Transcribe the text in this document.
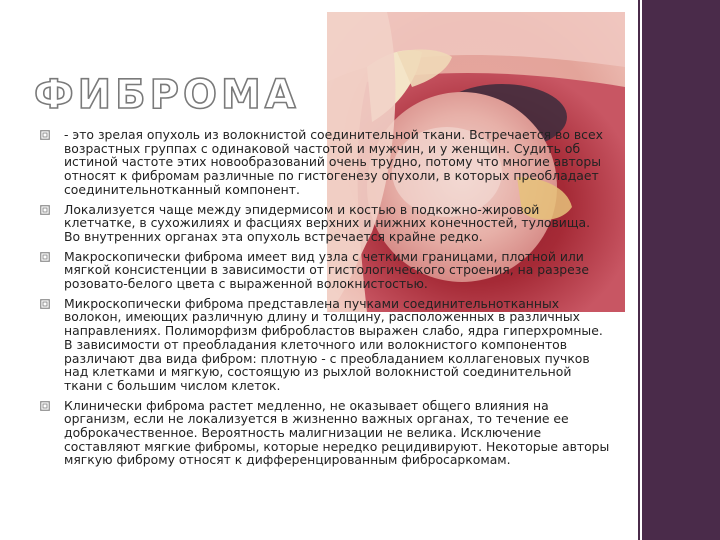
ФИБРОМА
- это зрелая опухоль из волокнистой соединительной ткани. Встречается во всех возрастных группах с одинаковой частотой и мужчин, и у женщин. Судить об истиной частоте этих новообразований очень трудно, потому что многие авторы относят к фибромам различные по гистогенезу опухоли, в которых преобладает соединительнотканный компонент.
Локализуется чаще между эпидермисом и костью в подкожно-жировой клетчатке, в сухожилиях и фасциях верхних и нижних конечностей, туловища. Во внутренних органах эта опухоль встречается крайне редко.
Макроскопически фиброма имеет вид узла с четкими границами, плотной или мягкой консистенции в зависимости от гистологического строения, на разрезе розовато-белого цвета с выраженной волокнистостью.
Микроскопически фиброма представлена пучками соединительнотканных волокон, имеющих различную длину и толщину, расположенных в различных направлениях. Полиморфизм фибробластов выражен слабо, ядра гиперхромные. В зависимости от преобладания клеточного или волокнистого компонентов различают два вида фибром: плотную - с преобладанием коллагеновых пучков над клетками и мягкую, состоящую из рыхлой волокнистой соединительной ткани с большим числом клеток.
Клинически фиброма растет медленно, не оказывает общего влияния на организм, если не локализуется в жизненно важных органах, то течение ее доброкачественное. Вероятность малигнизации не велика. Исключение составляют мягкие фибромы, которые нередко рецидивируют. Некоторые авторы мягкую фиброму относят к дифференцированным фибросаркомам.
